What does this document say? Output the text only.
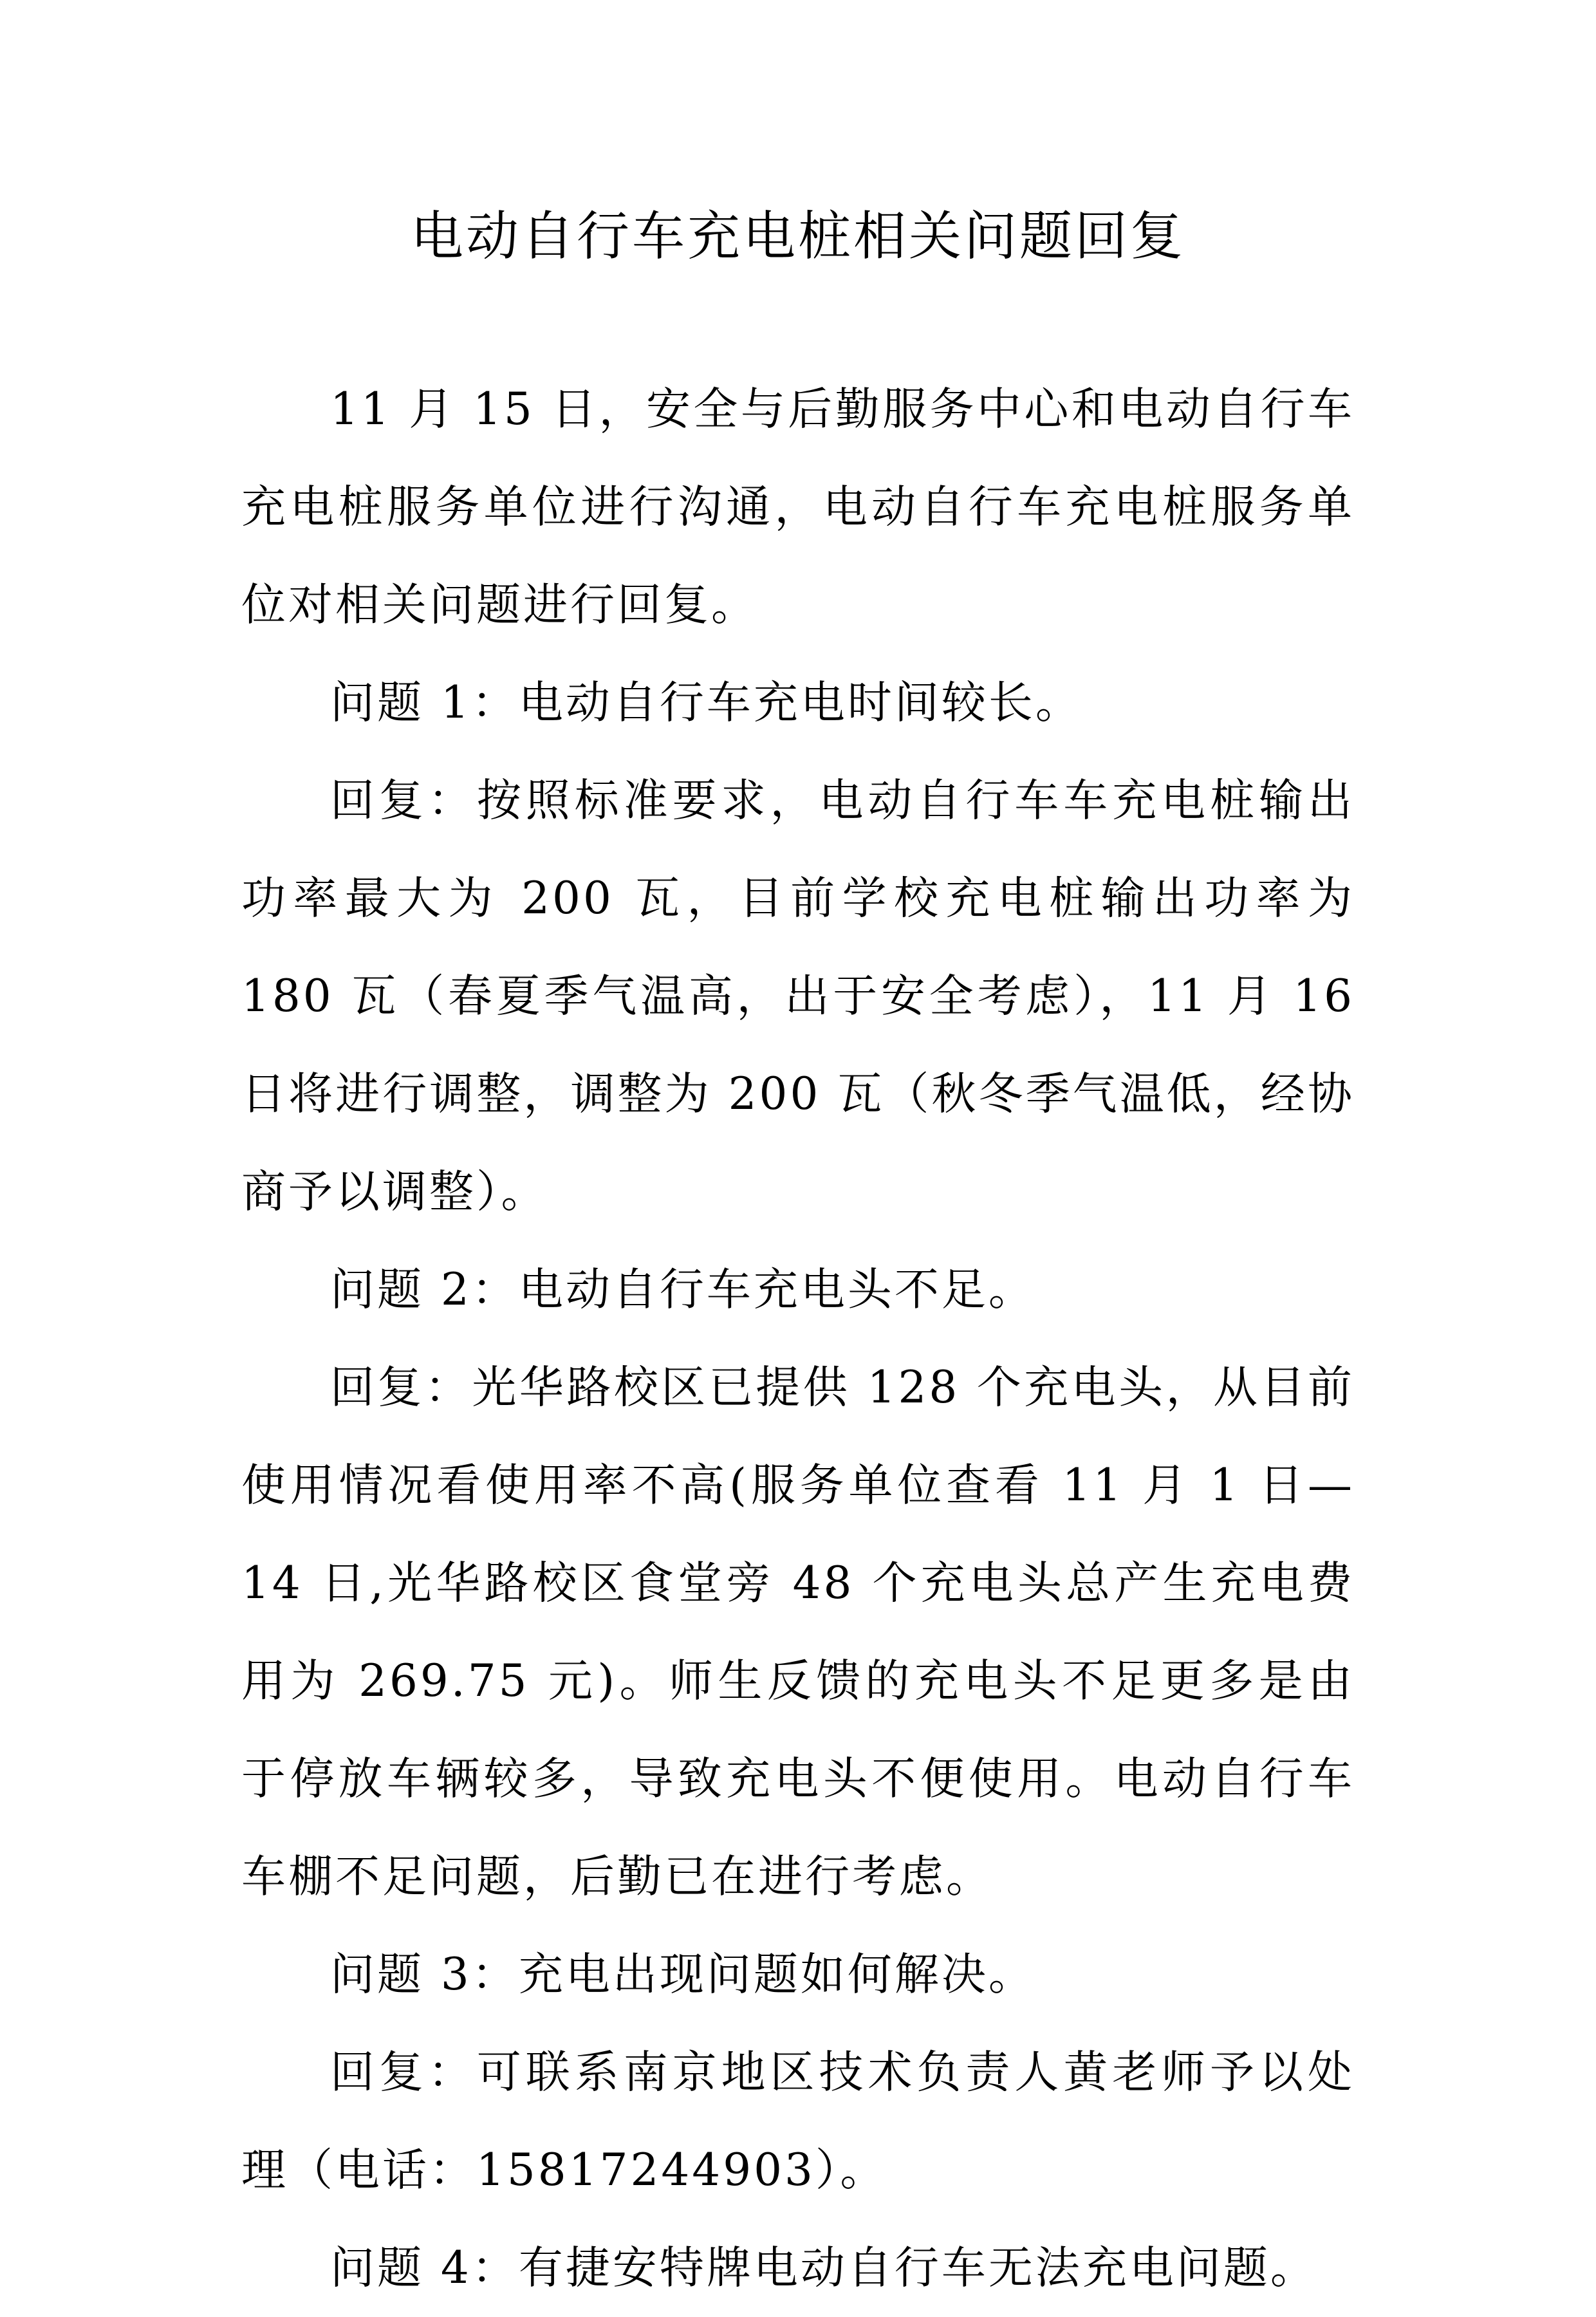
电动自行车充电桩相关问题回复

11 月 15 日，安全与后勤服务中心和电动自行车充电桩服务单位进行沟通，电动自行车充电桩服务单位对相关问题进行回复。

问题 1：电动自行车充电时间较长。

回复：按照标准要求，电动自行车车充电桩输出功率最大为 200 瓦，目前学校充电桩输出功率为 180 瓦（春夏季气温高，出于安全考虑），11 月 16 日将进行调整，调整为 200 瓦（秋冬季气温低，经协商予以调整）。

问题 2：电动自行车充电头不足。

回复：光华路校区已提供 128 个充电头，从目前使用情况看使用率不高(服务单位查看 11 月 1 日—14 日,光华路校区食堂旁 48 个充电头总产生充电费用为 269.75 元)。师生反馈的充电头不足更多是由于停放车辆较多，导致充电头不便使用。电动自行车车棚不足问题，后勤已在进行考虑。

问题 3：充电出现问题如何解决。

回复：可联系南京地区技术负责人黄老师予以处理（电话：15817244903）。

问题 4：有捷安特牌电动自行车无法充电问题。
